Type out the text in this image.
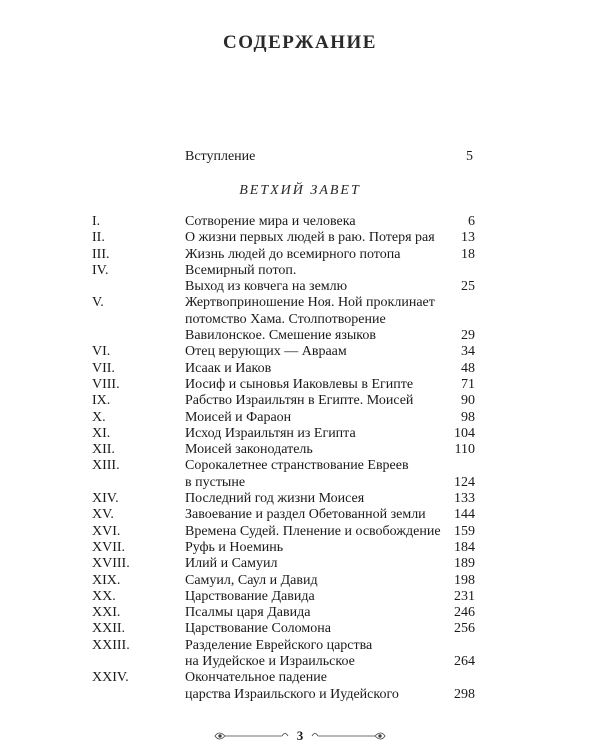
СОДЕРЖАНИЕ
Вступление	5
ВЕТХИЙ ЗАВЕТ
I.	Сотворение мира и человека	6
II.	О жизни первых людей в раю. Потеря рая 13
III.	Жизнь людей до всемирного потопа	18
IV.	Всемирный потоп.
Выход из ковчега на землю	25
V.	Жертвоприношение Ноя. Ной проклинает
потомство Хама. Столпотворение
Вавилонское. Смешение языков	29
VI.	Отец верующих — Авраам	34
VII.	Исаак и Иаков	48
VIII.	Иосиф и сыновья Иаковлевы в Египте	71
IX.	Рабство Израильтян в Египте. Моисей	90
X.	Моисей и Фараон	98
XI.	Исход Израильтян из Египта	104
XII.	Моисей законодатель	110
XIII.	Сорокалетнее странствование Евреев
в пустыне	124
XIV.	Последний год жизни Моисея	133
XV.	Завоевание и раздел Обетованной земли 144
XVI.	Времена Судей. Пленение и освобождение 159
XVII.	Руфь и Ноеминь	184
XVIII.	Илий и Самуил	189
XIX.	Самуил, Саул и Давид	198
XX.	Царствование Давида	231
XXI.	Псалмы царя Давида	246
XXII.	Царствование Соломона	256
XXIII.	Разделение Еврейского царства
на Иудейское и Израильское	264
XXIV.	Окончательное падение
царства Израильского и Иудейского	298
3
